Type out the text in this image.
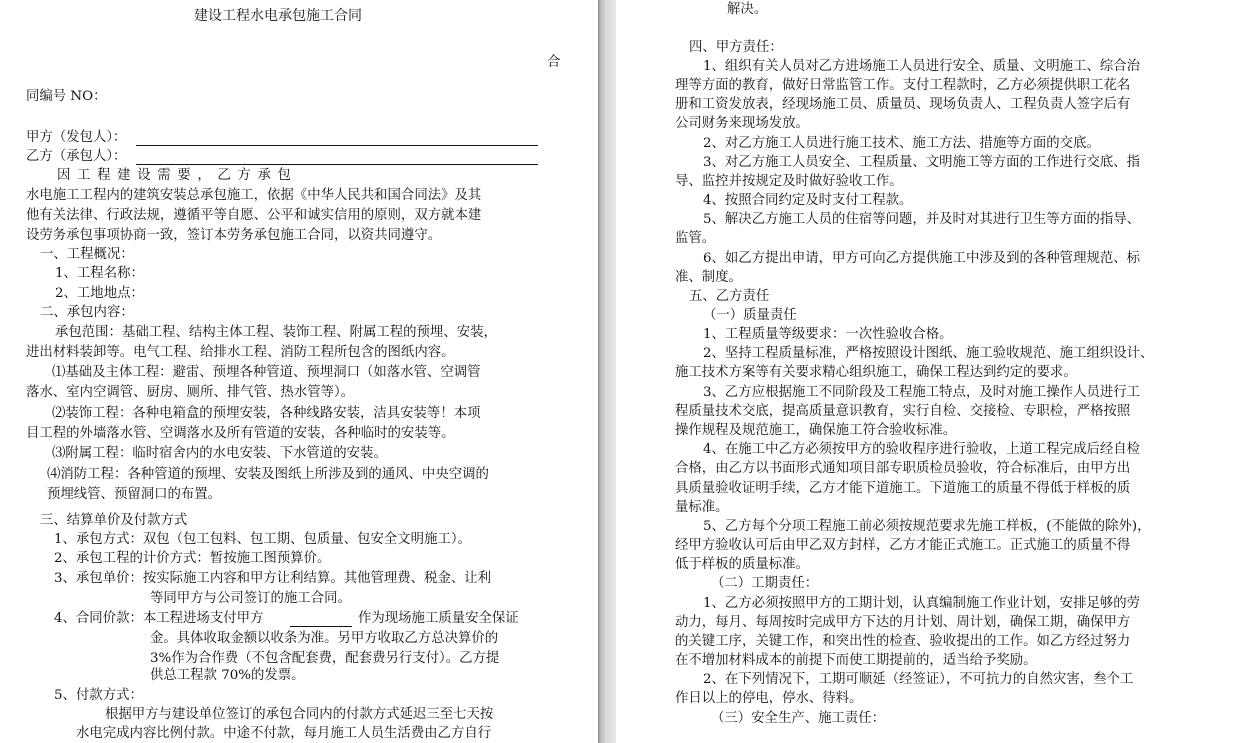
建设工程水电承包施工合同
合
同编号 NO：
甲方（发包人）：
乙方（承包人）：
因 工 程 建 设 需 要 ， 乙 方 承 包
水电施工工程内的建筑安装总承包施工，依据《中华人民共和国合同法》及其
他有关法律、行政法规，遵循平等自愿、公平和诚实信用的原则，双方就本建
设劳务承包事项协商一致，签订本劳务承包施工合同，以资共同遵守。
一、工程概况：
1、工程名称：
2、工地地点：
二、承包内容：
承包范围：基础工程、结构主体工程、装饰工程、附属工程的预埋、安装，
进出材料装卸等。电气工程、给排水工程、消防工程所包含的图纸内容。
⑴基础及主体工程：避雷、预埋各种管道、预埋洞口（如落水管、空调管
落水、室内空调管、厨房、厕所、排气管、热水管等）。
⑵装饰工程：各种电箱盒的预埋安装，各种线路安装，洁具安装等！本项
目工程的外墙落水管、空调落水及所有管道的安装，各种临时的安装等。
⑶附属工程：临时宿舍内的水电安装、下水管道的安装。
⑷消防工程：各种管道的预埋、安装及图纸上所涉及到的通风、中央空调的
预埋线管、预留洞口的布置。
三、结算单价及付款方式
1、承包方式：双包（包工包料、包工期、包质量、包安全文明施工）。
2、承包工程的计价方式：暂按施工图预算价。
3、承包单价：按实际施工内容和甲方让利结算。其他管理费、税金、让利
等同甲方与公司签订的施工合同。
4、合同价款：本工程进场支付甲方	作为现场施工质量安全保证
金。具体收取金额以收条为准。另甲方收取乙方总决算价的
3%作为合作费（不包含配套费，配套费另行支付）。乙方提
供总工程款 70%的发票。
5、付款方式：
根据甲方与建设单位签订的承包合同内的付款方式延迟三至七天按
水电完成内容比例付款。中途不付款，每月施工人员生活费由乙方自行
解决。
四、甲方责任：
1、组织有关人员对乙方进场施工人员进行安全、质量、文明施工、综合治
理等方面的教育，做好日常监管工作。支付工程款时，乙方必须提供职工花名
册和工资发放表，经现场施工员、质量员、现场负责人、工程负责人签字后有
公司财务来现场发放。
2、对乙方施工人员进行施工技术、施工方法、措施等方面的交底。
3、对乙方施工人员安全、工程质量、文明施工等方面的工作进行交底、指
导、监控并按规定及时做好验收工作。
4、按照合同约定及时支付工程款。
5、解决乙方施工人员的住宿等问题，并及时对其进行卫生等方面的指导、
监管。
6、如乙方提出申请，甲方可向乙方提供施工中涉及到的各种管理规范、标
准、制度。
五、乙方责任
（一）质量责任
1、工程质量等级要求：一次性验收合格。
2、坚持工程质量标准，严格按照设计图纸、施工验收规范、施工组织设计、
施工技术方案等有关要求精心组织施工，确保工程达到约定的要求。
3、乙方应根据施工不同阶段及工程施工特点，及时对施工操作人员进行工
程质量技术交底，提高质量意识教育，实行自检、交接检、专职检，严格按照
操作规程及规范施工，确保施工符合验收标准。
4、在施工中乙方必须按甲方的验收程序进行验收，上道工程完成后经自检
合格，由乙方以书面形式通知项目部专职质检员验收，符合标准后，由甲方出
具质量验收证明手续，乙方才能下道施工。下道施工的质量不得低于样板的质
量标准。
5、乙方每个分项工程施工前必须按规范要求先施工样板，(不能做的除外)，
经甲方验收认可后由甲乙双方封样，乙方才能正式施工。正式施工的质量不得
低于样板的质量标准。
（二）工期责任：
1、乙方必须按照甲方的工期计划，认真编制施工作业计划，安排足够的劳
动力，每月、每周按时完成甲方下达的月计划、周计划，确保工期，确保甲方
的关键工序，关键工作，和突出性的检查、验收提出的工作。如乙方经过努力
在不增加材料成本的前提下而使工期提前的，适当给予奖励。
2、在下列情况下，工期可顺延（经签证），不可抗力的自然灾害，叁个工
作日以上的停电，停水、待料。
（三）安全生产、施工责任：
